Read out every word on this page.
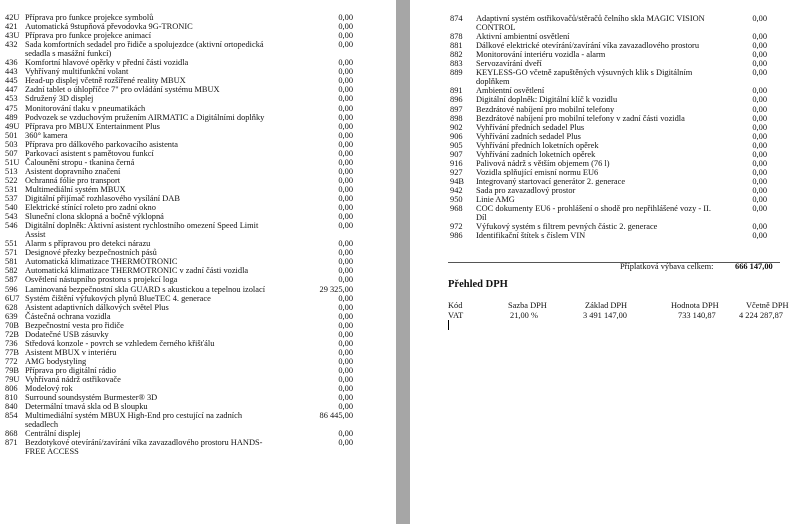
42U Příprava pro funkce projekce symbolů	0,00
421 Automatická 9stupňová převodovka 9G-TRONIC	0,00
43U Příprava pro funkce projekce animací	0,00
432 Sada komfortních sedadel pro řidiče a spolujezdce (aktivní ortopedická
sedadla s masážní funkcí)
0,00
436 Komfortní hlavové opěrky v přední části vozidla	0,00
443 Vyhřívaný multifunkční volant	0,00
445 Head-up displej včetně rozšířené reality MBUX	0,00
447 Zadní tablet o úhlopříčce 7" pro ovládání systému MBUX	0,00
453 Sdružený 3D displej	0,00
475 Monitorování tlaku v pneumatikách	0,00
489 Podvozek se vzduchovým pružením AIRMATIC a Digitálními doplňky	0,00
49U Příprava pro MBUX Entertainment Plus	0,00
501 360° kamera	0,00
503 Příprava pro dálkového parkovacího asistenta	0,00
507 Parkovací asistent s pamětovou funkcí	0,00
51U Čalounění stropu - tkanina černá	0,00
513 Asistent dopravního značení	0,00
522 Ochranná fólie pro transport	0,00
531 Multimediální systém MBUX	0,00
537 Digitální přijímač rozhlasového vysílání DAB	0,00
540 Elektrické stínící roleto pro zadní okno	0,00
543 Sluneční clona sklopná a bočně výklopná	0,00
546 Digitální doplněk: Aktivní asistent rychlostního omezení Speed Limit
Assist
0,00
551 Alarm s přípravou pro detekci nárazu	0,00
571 Designové přezky bezpečnostních pásů	0,00
581 Automatická klimatizace THERMOTRONIC	0,00
582 Automatická klimatizace THERMOTRONIC v zadní části vozidla	0,00
587 Osvětlení nástupního prostoru s projekcí loga	0,00
596 Laminovaná bezpečnostní skla GUARD s akustickou a tepelnou izolací	29 325,00
6U7 Systém čištění výfukových plynů BlueTEC 4. generace	0,00
628 Asistent adaptivních dálkových světel Plus	0,00
639 Částečná ochrana vozidla	0,00
70B Bezpečnostní vesta pro řidiče	0,00
72B Dodatečné USB zásuvky	0,00
736 Středová konzole - povrch se vzhledem černého křišťálu	0,00
77B Asistent MBUX v interiéru	0,00
772 AMG bodystyling	0,00
79B Příprava pro digitální rádio	0,00
79U Vyhřívaná nádrž ostřikovače	0,00
806 Modelový rok	0,00
810 Surround soundsystém Burmester® 3D	0,00
840 Determální tmavá skla od B sloupku	0,00
854 Multimediální systém MBUX High-End pro cestující na zadních
sedadlech
86 445,00
868 Centrální displej	0,00
871 Bezdotykové otevírání/zavírání víka zavazadlového prostoru HANDS-
FREE ACCESS
0,00
874 Adaptivní systém ostřikovačů/stěračů čelního skla MAGIC VISION
CONTROL
0,00
878 Aktivní ambientní osvětlení	0,00
881 Dálkové elektrické otevírání/zavírání víka zavazadlového prostoru	0,00
882 Monitorování interiéru vozidla - alarm	0,00
883 Servozavírání dveří	0,00
889 KEYLESS-GO včetně zapuštěných výsuvných klik s Digitálním
doplňkem
0,00
891 Ambientní osvětlení	0,00
896 Digitální doplněk: Digitální klíč k vozidlu	0,00
897 Bezdrátové nabíjení pro mobilní telefony	0,00
898 Bezdrátové nabíjení pro mobilní telefony v zadní části vozidla	0,00
902 Vyhřívání předních sedadel Plus	0,00
906 Vyhřívání zadních sedadel Plus	0,00
905 Vyhřívání předních loketních opěrek	0,00
907 Vyhřívání zadních loketních opěrek	0,00
916 Palivová nádrž s větším objemem (76 l)	0,00
927 Vozidla splňující emisní normu EU6	0,00
94B Integrovaný startovací generátor 2. generace	0,00
942 Sada pro zavazadlový prostor	0,00
950 Linie AMG	0,00
968 COC dokumenty EU6 - prohlášení o shodě pro nepřihlášené vozy - II.
Díl
0,00
972 Výfukový systém s filtrem pevných částic 2. generace	0,00
986 Identifikační štítek s číslem VIN	0,00
Příplatková výbava celkem:	666 147,00
Přehled DPH
Kód	Sazba DPH	Základ DPH	Hodnota DPH	Včetně DPH
VAT	21,00 %	3 491 147,00	733 140,87	4 224 287,87
